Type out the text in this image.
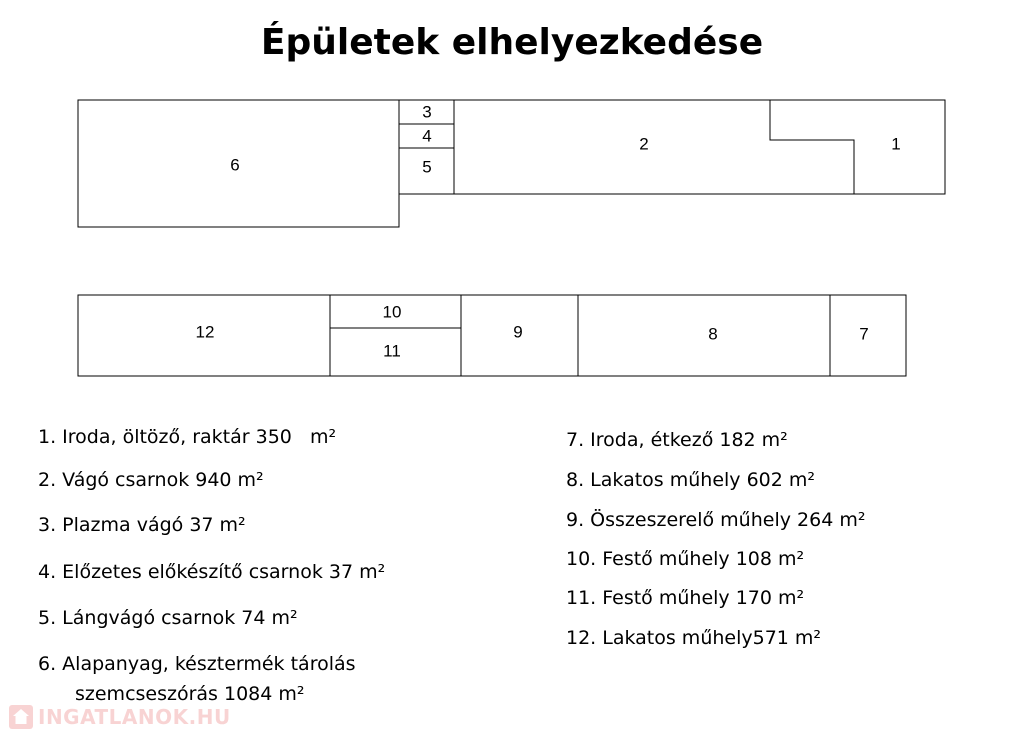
Épületek elhelyezkedése
6
3
4
5
2	1
12
10
11
9	8	7
1. Iroda, öltöző, raktár 350   m²
2. Vágó csarnok 940 m²
3. Plazma vágó 37 m²
4. Előzetes előkészítő csarnok 37 m²
5. Lángvágó csarnok 74 m²
6. Alapanyag, késztermék tárolás
szemcseszórás 1084 m²
7. Iroda, étkező 182 m²
8. Lakatos műhely 602 m²
9. Összeszerelő műhely 264 m²
10. Festő műhely 108 m²
11. Festő műhely 170 m²
12. Lakatos műhely571 m²
INGATLANOK.HU
